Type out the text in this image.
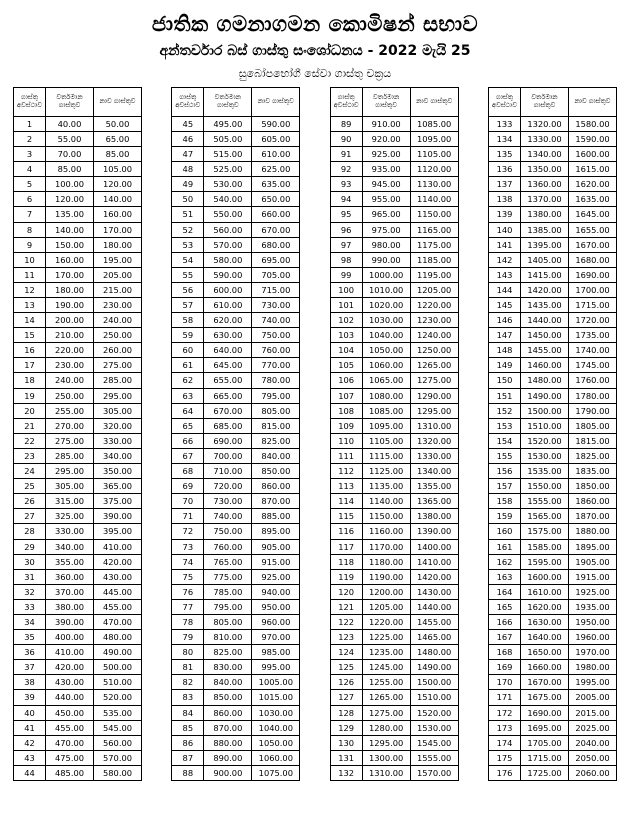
ජාතික ගමනාගමන කොමිෂන් සභාව
අන්තර්වාර බස් ගාස්තු සංශෝධනය - 2022 මැයි 25
සුබෝපභෝගී සේවා ගාස්තු චක්‍රය
ගාස්තු අවස්ථාව	වර්තමාන ගාස්තුව	නාව ගාස්තුව
1	40.00	50.00
2	55.00	65.00
3	70.00	85.00
4	85.00	105.00
5	100.00	120.00
6	120.00	140.00
7	135.00	160.00
8	140.00	170.00
9	150.00	180.00
10	160.00	195.00
11	170.00	205.00
12	180.00	215.00
13	190.00	230.00
14	200.00	240.00
15	210.00	250.00
16	220.00	260.00
17	230.00	275.00
18	240.00	285.00
19	250.00	295.00
20	255.00	305.00
21	270.00	320.00
22	275.00	330.00
23	285.00	340.00
24	295.00	350.00
25	305.00	365.00
26	315.00	375.00
27	325.00	390.00
28	330.00	395.00
29	340.00	410.00
30	355.00	420.00
31	360.00	430.00
32	370.00	445.00
33	380.00	455.00
34	390.00	470.00
35	400.00	480.00
36	410.00	490.00
37	420.00	500.00
38	430.00	510.00
39	440.00	520.00
40	450.00	535.00
41	455.00	545.00
42	470.00	560.00
43	475.00	570.00
44	485.00	580.00
ගාස්තු අවස්ථාව	වර්තමාන ගාස්තුව	නාව ගාස්තුව
45	495.00	590.00
46	505.00	605.00
47	515.00	610.00
48	525.00	625.00
49	530.00	635.00
50	540.00	650.00
51	550.00	660.00
52	560.00	670.00
53	570.00	680.00
54	580.00	695.00
55	590.00	705.00
56	600.00	715.00
57	610.00	730.00
58	620.00	740.00
59	630.00	750.00
60	640.00	760.00
61	645.00	770.00
62	655.00	780.00
63	665.00	795.00
64	670.00	805.00
65	685.00	815.00
66	690.00	825.00
67	700.00	840.00
68	710.00	850.00
69	720.00	860.00
70	730.00	870.00
71	740.00	885.00
72	750.00	895.00
73	760.00	905.00
74	765.00	915.00
75	775.00	925.00
76	785.00	940.00
77	795.00	950.00
78	805.00	960.00
79	810.00	970.00
80	825.00	985.00
81	830.00	995.00
82	840.00	1005.00
83	850.00	1015.00
84	860.00	1030.00
85	870.00	1040.00
86	880.00	1050.00
87	890.00	1060.00
88	900.00	1075.00
ගාස්තු අවස්ථාව	වර්තමාන ගාස්තුව	නාව ගාස්තුව
89	910.00	1085.00
90	920.00	1095.00
91	925.00	1105.00
92	935.00	1120.00
93	945.00	1130.00
94	955.00	1140.00
95	965.00	1150.00
96	975.00	1165.00
97	980.00	1175.00
98	990.00	1185.00
99	1000.00	1195.00
100	1010.00	1205.00
101	1020.00	1220.00
102	1030.00	1230.00
103	1040.00	1240.00
104	1050.00	1250.00
105	1060.00	1265.00
106	1065.00	1275.00
107	1080.00	1290.00
108	1085.00	1295.00
109	1095.00	1310.00
110	1105.00	1320.00
111	1115.00	1330.00
112	1125.00	1340.00
113	1135.00	1355.00
114	1140.00	1365.00
115	1150.00	1380.00
116	1160.00	1390.00
117	1170.00	1400.00
118	1180.00	1410.00
119	1190.00	1420.00
120	1200.00	1430.00
121	1205.00	1440.00
122	1220.00	1455.00
123	1225.00	1465.00
124	1235.00	1480.00
125	1245.00	1490.00
126	1255.00	1500.00
127	1265.00	1510.00
128	1275.00	1520.00
129	1280.00	1530.00
130	1295.00	1545.00
131	1300.00	1555.00
132	1310.00	1570.00
ගාස්තු අවස්ථාව	වර්තමාන ගාස්තුව	නාව ගාස්තුව
133	1320.00	1580.00
134	1330.00	1590.00
135	1340.00	1600.00
136	1350.00	1615.00
137	1360.00	1620.00
138	1370.00	1635.00
139	1380.00	1645.00
140	1385.00	1655.00
141	1395.00	1670.00
142	1405.00	1680.00
143	1415.00	1690.00
144	1420.00	1700.00
145	1435.00	1715.00
146	1440.00	1720.00
147	1450.00	1735.00
148	1455.00	1740.00
149	1460.00	1745.00
150	1480.00	1760.00
151	1490.00	1780.00
152	1500.00	1790.00
153	1510.00	1805.00
154	1520.00	1815.00
155	1530.00	1825.00
156	1535.00	1835.00
157	1550.00	1850.00
158	1555.00	1860.00
159	1565.00	1870.00
160	1575.00	1880.00
161	1585.00	1895.00
162	1595.00	1905.00
163	1600.00	1915.00
164	1610.00	1925.00
165	1620.00	1935.00
166	1630.00	1950.00
167	1640.00	1960.00
168	1650.00	1970.00
169	1660.00	1980.00
170	1670.00	1995.00
171	1675.00	2005.00
172	1690.00	2015.00
173	1695.00	2025.00
174	1705.00	2040.00
175	1715.00	2050.00
176	1725.00	2060.00
